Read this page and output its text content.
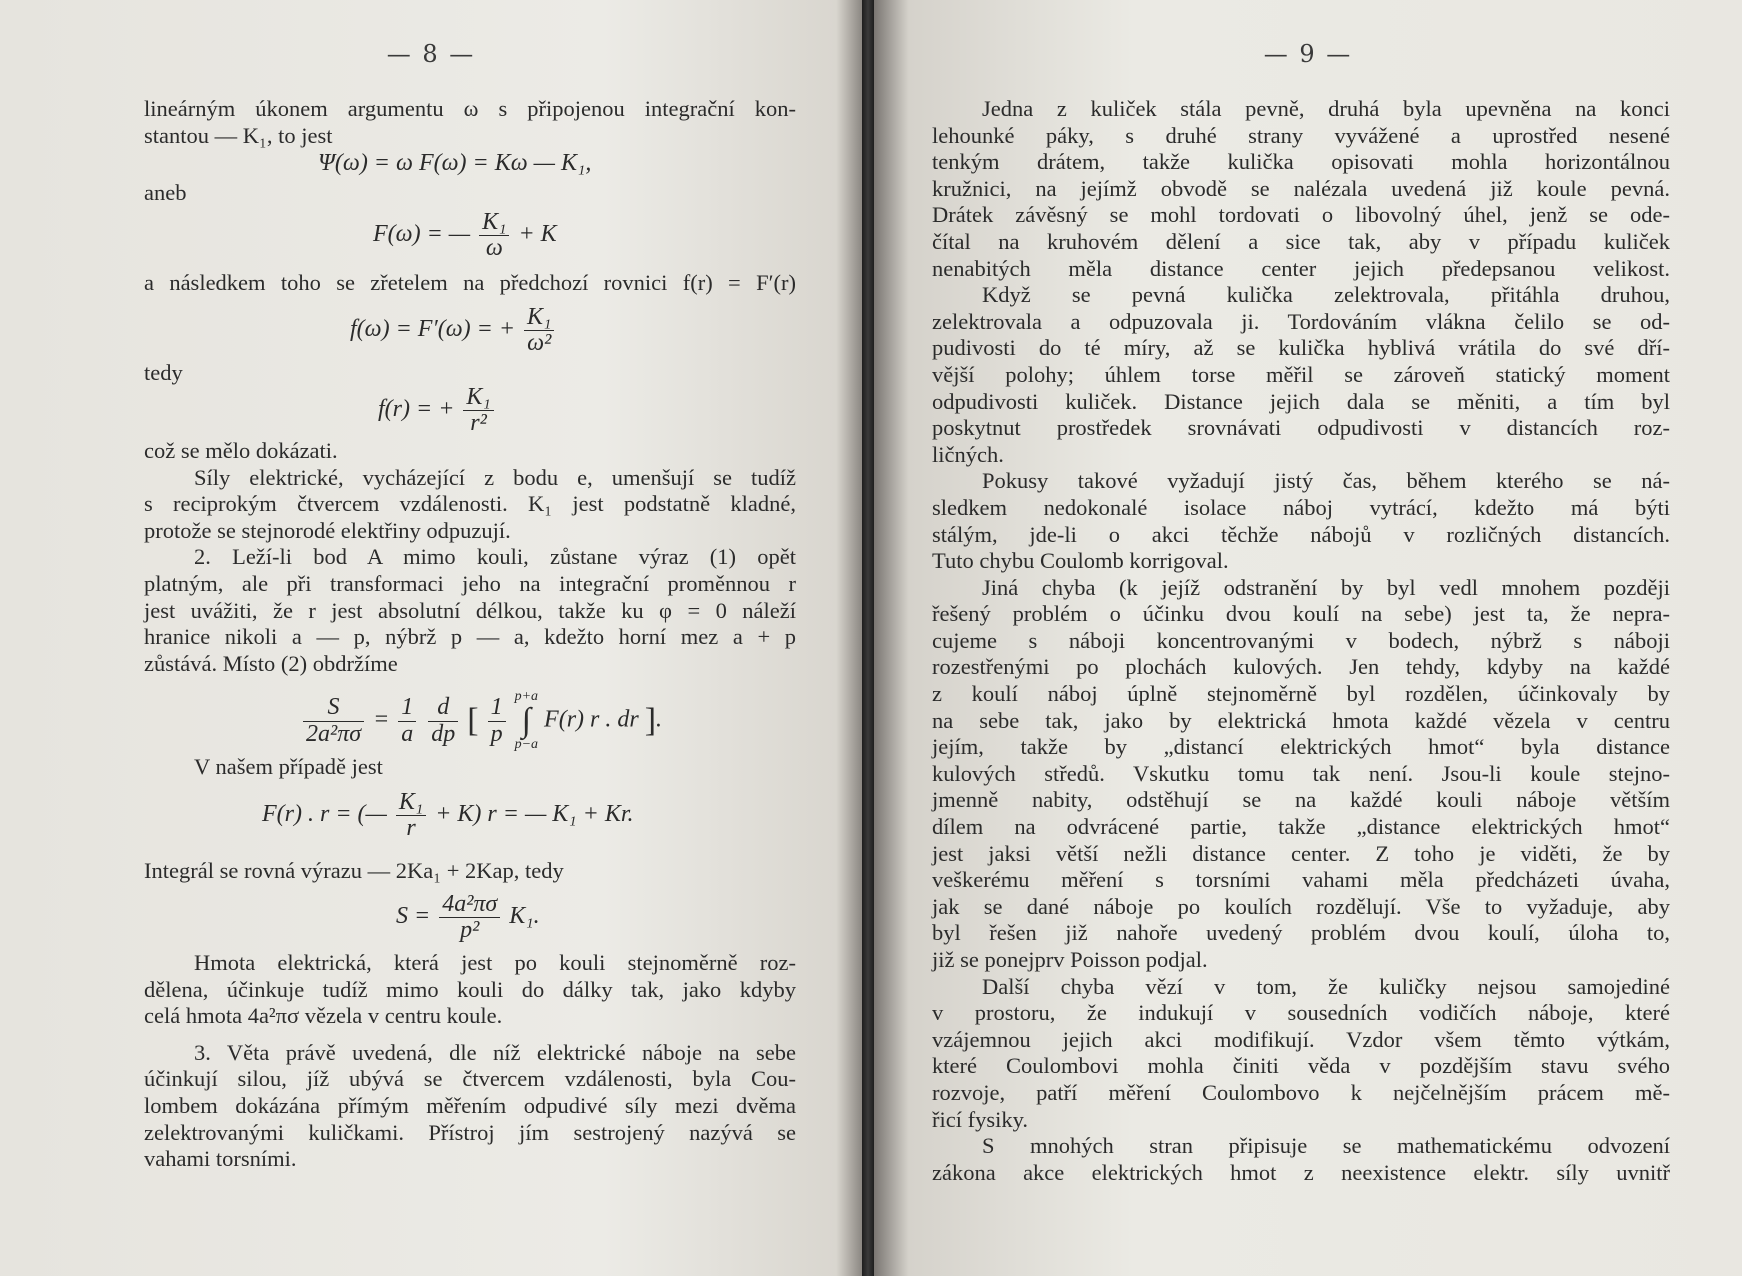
— 8 —
lineárným úkonem argumentu ω s připojenou integrační kon-
stantou — K₁, to jest
Ψ(ω) = ω F(ω) = Kω — K₁,
aneb
F(ω) = — $\frac{\text{K₁}}{\omega} + K$
a následkem toho se zřetelem na předchozí rovnici f(r) = F′(r)
f(ω) = F′(ω) = + $\frac{\text{K₁}}{\text{ω²}}$
tedy
f(r) = + $\frac{\text{K₁}}{\text{r²}}$
což se mělo dokázati.
Síly elektrické, vycházející z bodu e, umenšují se tudíž
s reciprokým čtvercem vzdálenosti. K₁ jest podstatně kladné,
protože se stejnorodé elektřiny odpuzují.
2. Leží-li bod A mimo kouli, zůstane výraz (1) opět
platným, ale při transformaci jeho na integrační proměnnou r
jest uvážiti, že r jest absolutní délkou, takže ku φ = 0 náleží
hranice nikoli a — p, nýbrž p — a, kdežto horní mez a + p
zůstává. Místo (2) obdržíme
$\frac{S}{\text{2a²πσ}} = \frac{1}{a}$
$\frac{d}{dp}$ [ $\frac{1}{p}$
p+a
∫
p−a
F(r) r . dr ].
V našem případě jest
F(r) . r = (— $\frac{\text{K₁}}{r} + K$) r = — K₁ + Kr.
Integrál se rovná výrazu — 2Ka₁ + 2Kap, tedy
$S = \frac{\text{4a²πσ}}{\text{p²}} K_1$.
Hmota elektrická, která jest po kouli stejnoměrně roz-
dělena, účinkuje tudíž mimo kouli do dálky tak, jako kdyby
celá hmota 4a²πσ vězela v centru koule.
3. Věta právě uvedená, dle níž elektrické náboje na sebe
účinkují silou, jíž ubývá se čtvercem vzdálenosti, byla Cou-
lombem dokázána přímým měřením odpudivé síly mezi dvěma
zelektrovanými kuličkami. Přístroj jím sestrojený nazývá se
vahami torsními.
— 9 —
Jedna z kuliček stála pevně, druhá byla upevněna na konci
lehounké páky, s druhé strany vyvážené a uprostřed nesené
tenkým drátem, takže kulička opisovati mohla horizontálnou
kružnici, na jejímž obvodě se nalézala uvedená již koule pevná.
Drátek závěsný se mohl tordovati o libovolný úhel, jenž se ode-
čítal na kruhovém dělení a sice tak, aby v případu kuliček
nenabitých měla distance center jejich předepsanou velikost.
Když se pevná kulička zelektrovala, přitáhla druhou,
zelektrovala a odpuzovala ji. Tordováním vlákna čelilo se od-
pudivosti do té míry, až se kulička hyblivá vrátila do své dří-
vější polohy; úhlem torse měřil se zároveň statický moment
odpudivosti kuliček. Distance jejich dala se měniti, a tím byl
poskytnut prostředek srovnávati odpudivosti v distancích roz-
ličných.
Pokusy takové vyžadují jistý čas, během kterého se ná-
sledkem nedokonalé isolace náboj vytrácí, kdežto má býti
stálým, jde-li o akci těchže nábojů v rozličných distancích.
Tuto chybu Coulomb korrigoval.
Jiná chyba (k jejíž odstranění by byl vedl mnohem později
řešený problém o účinku dvou koulí na sebe) jest ta, že nepra-
cujeme s náboji koncentrovanými v bodech, nýbrž s náboji
rozestřenými po plochách kulových. Jen tehdy, kdyby na každé
z koulí náboj úplně stejnoměrně byl rozdělen, účinkovaly by
na sebe tak, jako by elektrická hmota každé vězela v centru
jejím, takže by „distancí elektrických hmot“ byla distance
kulových středů. Vskutku tomu tak není. Jsou-li koule stejno-
jmenně nabity, odstěhují se na každé kouli náboje větším
dílem na odvrácené partie, takže „distance elektrických hmot“
jest jaksi větší nežli distance center. Z toho je viděti, že by
veškerému měření s torsními vahami měla předcházeti úvaha,
jak se dané náboje po koulích rozdělují. Vše to vyžaduje, aby
byl řešen již nahoře uvedený problém dvou koulí, úloha to,
již se ponejprv Poisson podjal.
Další chyba vězí v tom, že kuličky nejsou samojediné
v prostoru, že indukují v sousedních vodičích náboje, které
vzájemnou jejich akci modifikují. Vzdor všem těmto výtkám,
které Coulombovi mohla činiti věda v pozdějším stavu svého
rozvoje, patří měření Coulombovo k nejčelnějším prácem mě-
řicí fysiky.
S mnohých stran připisuje se mathematickému odvození
zákona akce elektrických hmot z neexistence elektr. síly uvnitř
